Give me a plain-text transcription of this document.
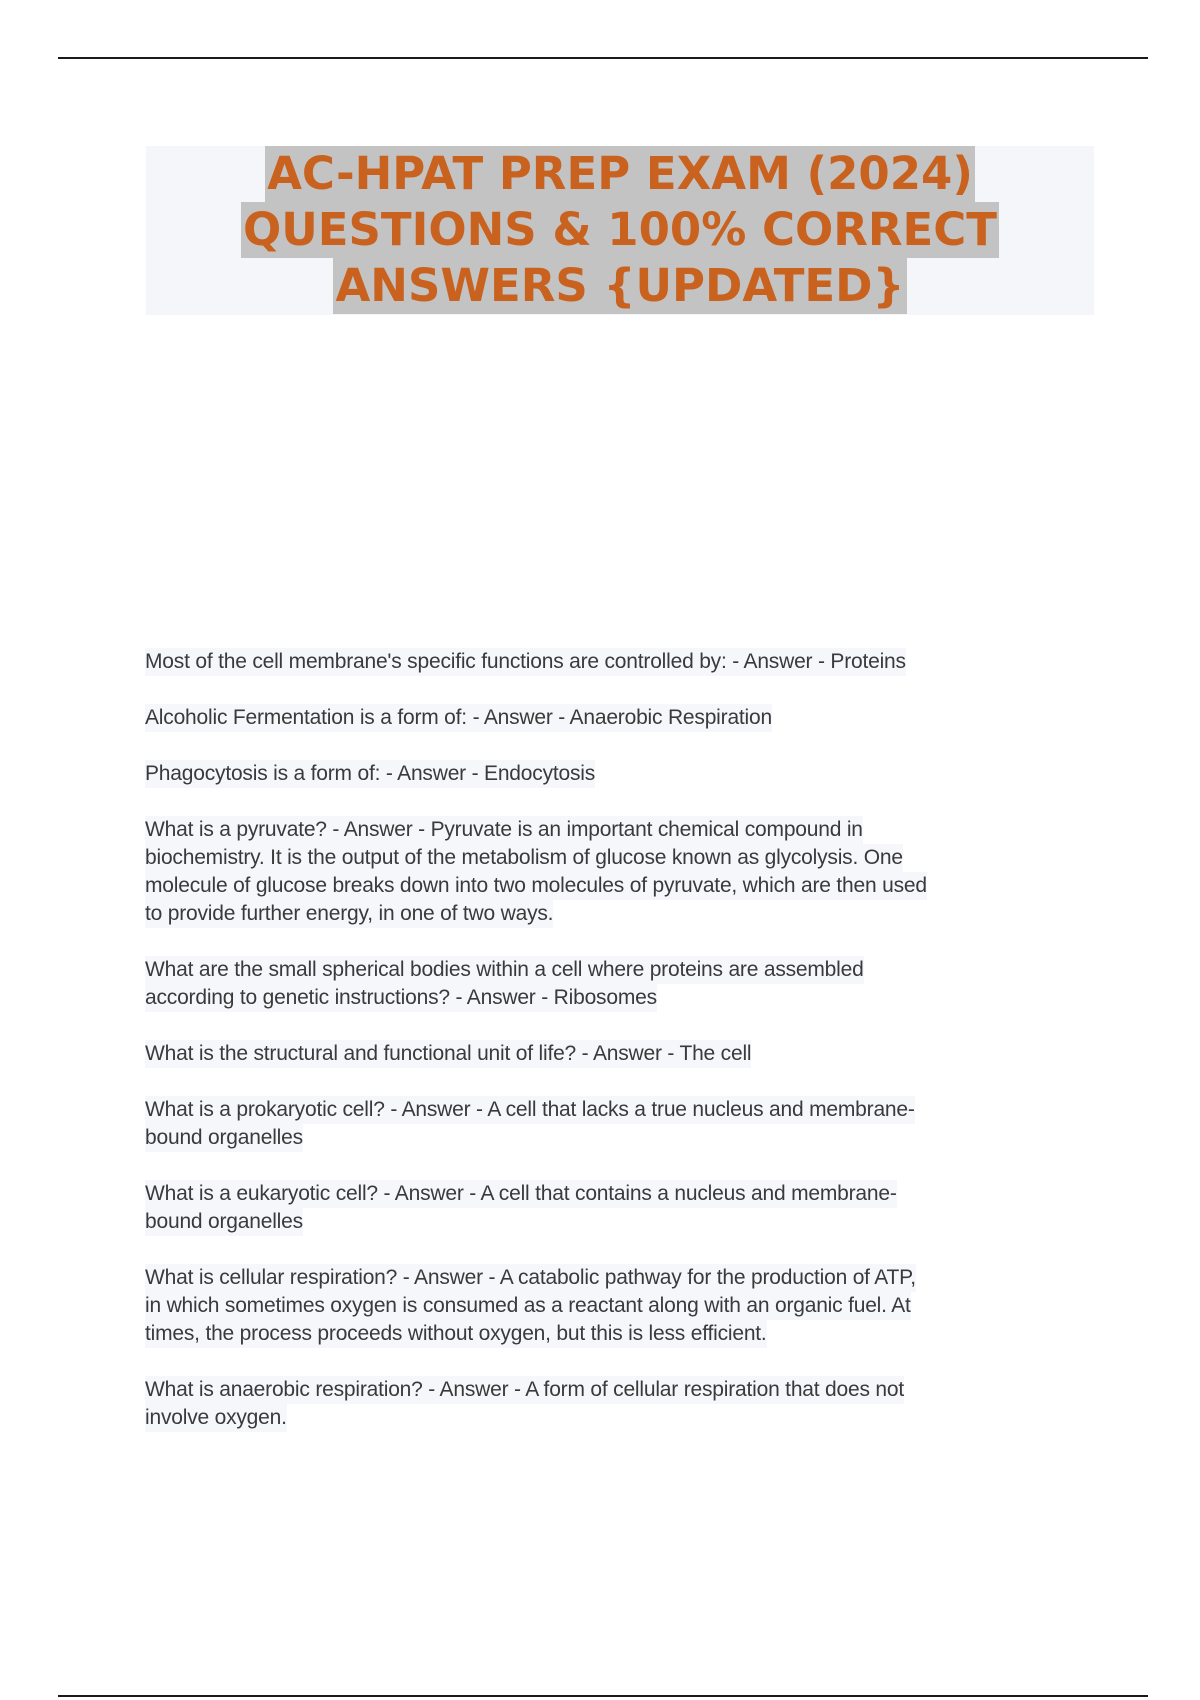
AC-HPAT PREP EXAM (2024)
QUESTIONS & 100% CORRECT
ANSWERS {UPDATED}
Most of the cell membrane's specific functions are controlled by: - Answer - Proteins
Alcoholic Fermentation is a form of: - Answer - Anaerobic Respiration
Phagocytosis is a form of: - Answer - Endocytosis
What is a pyruvate? - Answer - Pyruvate is an important chemical compound in
biochemistry. It is the output of the metabolism of glucose known as glycolysis. One
molecule of glucose breaks down into two molecules of pyruvate, which are then used
to provide further energy, in one of two ways.
What are the small spherical bodies within a cell where proteins are assembled
according to genetic instructions? - Answer - Ribosomes
What is the structural and functional unit of life? - Answer - The cell
What is a prokaryotic cell? - Answer - A cell that lacks a true nucleus and membrane-
bound organelles
What is a eukaryotic cell? - Answer - A cell that contains a nucleus and membrane-
bound organelles
What is cellular respiration? - Answer - A catabolic pathway for the production of ATP,
in which sometimes oxygen is consumed as a reactant along with an organic fuel. At
times, the process proceeds without oxygen, but this is less efficient.
What is anaerobic respiration? - Answer - A form of cellular respiration that does not
involve oxygen.
